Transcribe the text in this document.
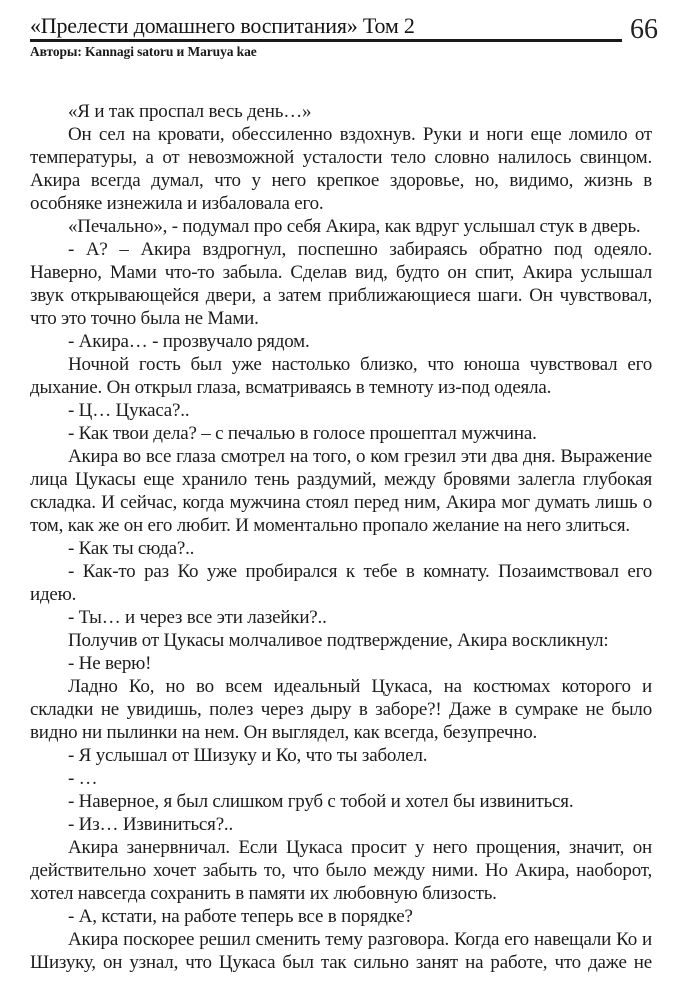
«Прелести домашнего воспитания» Том 2	66
Авторы: Kannagi satoru и Maruya kae

«Я и так проспал весь день…»

Он сел на кровати, обессиленно вздохнув. Руки и ноги еще ломило от температуры, а от невозможной усталости тело словно налилось свинцом. Акира всегда думал, что у него крепкое здоровье, но, видимо, жизнь в особняке изнежила и избаловала его.

«Печально», - подумал про себя Акира, как вдруг услышал стук в дверь.

- А? – Акира вздрогнул, поспешно забираясь обратно под одеяло. Наверно, Мами что-то забыла. Сделав вид, будто он спит, Акира услышал звук открывающейся двери, а затем приближающиеся шаги. Он чувствовал, что это точно была не Мами.

- Акира… - прозвучало рядом.

Ночной гость был уже настолько близко, что юноша чувствовал его дыхание. Он открыл глаза, всматриваясь в темноту из-под одеяла.

- Ц… Цукаса?..

- Как твои дела? – с печалью в голосе прошептал мужчина.

Акира во все глаза смотрел на того, о ком грезил эти два дня. Выражение лица Цукасы еще хранило тень раздумий, между бровями залегла глубокая складка. И сейчас, когда мужчина стоял перед ним, Акира мог думать лишь о том, как же он его любит. И моментально пропало желание на него злиться.

- Как ты сюда?..

- Как-то раз Ко уже пробирался к тебе в комнату. Позаимствовал его идею.

- Ты… и через все эти лазейки?..

Получив от Цукасы молчаливое подтверждение, Акира воскликнул:

- Не верю!

Ладно Ко, но во всем идеальный Цукаса, на костюмах которого и складки не увидишь, полез через дыру в заборе?! Даже в сумраке не было видно ни пылинки на нем. Он выглядел, как всегда, безупречно.

- Я услышал от Шизуку и Ко, что ты заболел.

- …

- Наверное, я был слишком груб с тобой и хотел бы извиниться.

- Из… Извиниться?..

Акира занервничал. Если Цукаса просит у него прощения, значит, он действительно хочет забыть то, что было между ними. Но Акира, наоборот, хотел навсегда сохранить в памяти их любовную близость.

- А, кстати, на работе теперь все в порядке?

Акира поскорее решил сменить тему разговора. Когда его навещали Ко и Шизуку, он узнал, что Цукаса был так сильно занят на работе, что даже не
